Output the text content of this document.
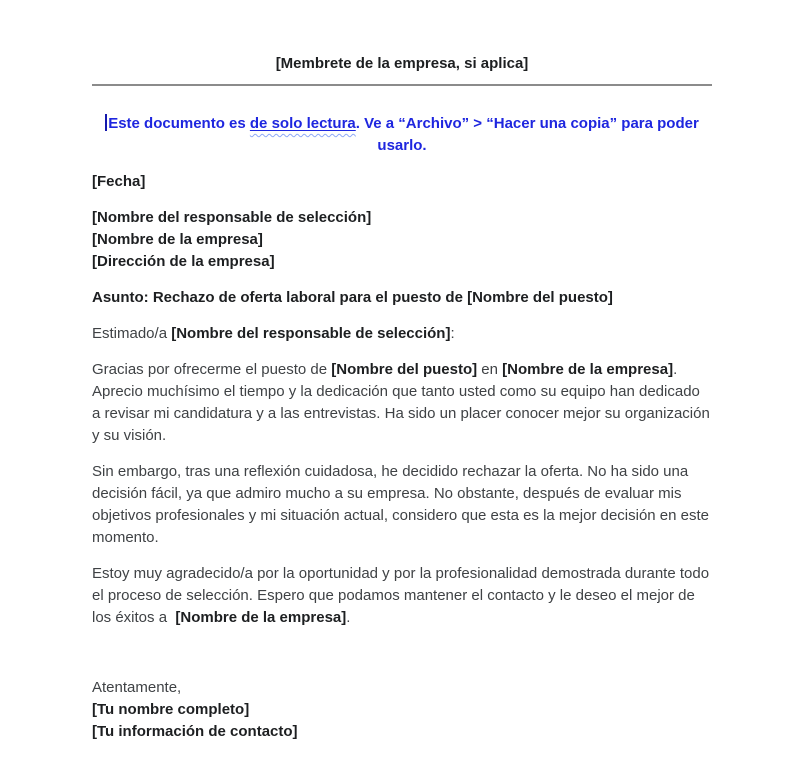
[Membrete de la empresa, si aplica]

Este documento es de solo lectura. Ve a “Archivo” > “Hacer una copia” para poder usarlo.

[Fecha]

[Nombre del responsable de selección]
[Nombre de la empresa]
[Dirección de la empresa]

Asunto: Rechazo de oferta laboral para el puesto de [Nombre del puesto]

Estimado/a [Nombre del responsable de selección]:

Gracias por ofrecerme el puesto de [Nombre del puesto] en [Nombre de la empresa]. Aprecio muchísimo el tiempo y la dedicación que tanto usted como su equipo han dedicado a revisar mi candidatura y a las entrevistas. Ha sido un placer conocer mejor su organización y su visión.

Sin embargo, tras una reflexión cuidadosa, he decidido rechazar la oferta. No ha sido una decisión fácil, ya que admiro mucho a su empresa. No obstante, después de evaluar mis objetivos profesionales y mi situación actual, considero que esta es la mejor decisión en este momento.

Estoy muy agradecido/a por la oportunidad y por la profesionalidad demostrada durante todo el proceso de selección. Espero que podamos mantener el contacto y le deseo el mejor de los éxitos a  [Nombre de la empresa].

Atentamente,
[Tu nombre completo]
[Tu información de contacto]
